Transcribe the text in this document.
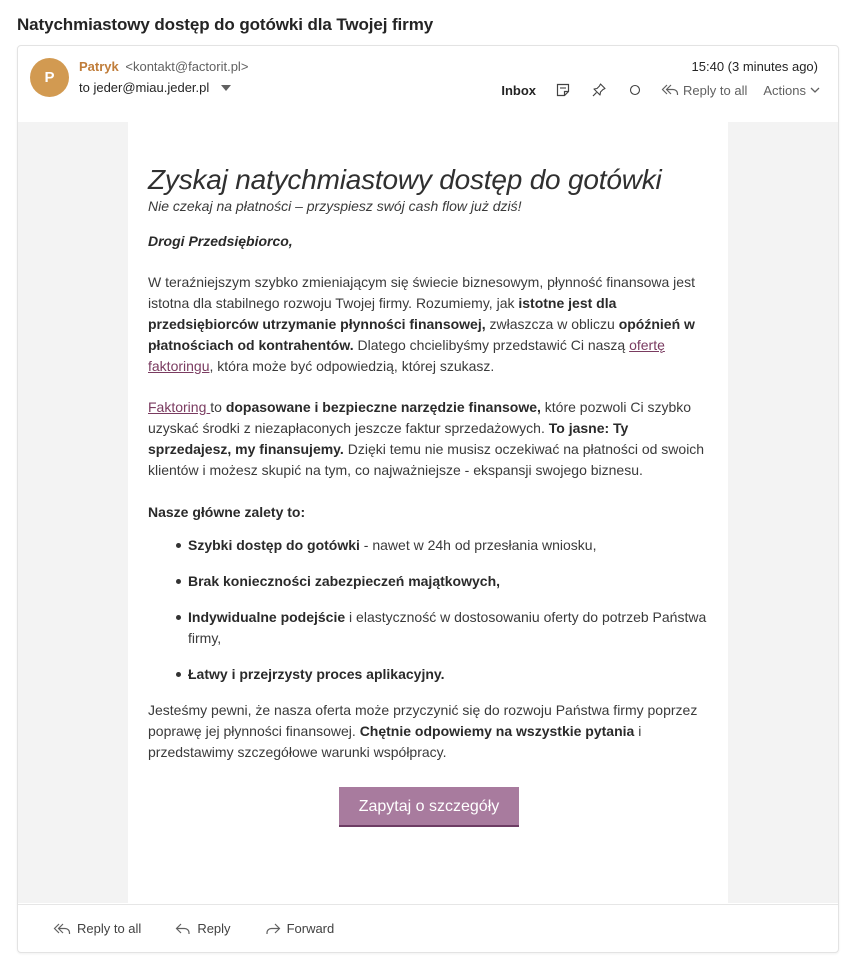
Natychmiastowy dostęp do gotówki dla Twojej firmy
P
Patryk <kontakt@factorit.pl>
to jeder@miau.jeder.pl
15:40 (3 minutes ago)
Inbox	Reply to all Actions
Zyskaj natychmiastowy dostęp do gotówki
Nie czekaj na płatności – przyspiesz swój cash flow już dziś!
Drogi Przedsiębiorco,
W teraźniejszym szybko zmieniającym się świecie biznesowym, płynność finansowa jest istotna dla stabilnego rozwoju Twojej firmy. Rozumiemy, jak istotne jest dla przedsiębiorców utrzymanie płynności finansowej, zwłaszcza w obliczu opóźnień w płatnościach od kontrahentów. Dlatego chcielibyśmy przedstawić Ci naszą ofertę faktoringu, która może być odpowiedzią, której szukasz.
Faktoring to dopasowane i bezpieczne narzędzie finansowe, które pozwoli Ci szybko uzyskać środki z niezapłaconych jeszcze faktur sprzedażowych. To jasne: Ty sprzedajesz, my finansujemy. Dzięki temu nie musisz oczekiwać na płatności od swoich klientów i możesz skupić na tym, co najważniejsze - ekspansji swojego biznesu.
Nasze główne zalety to:
Szybki dostęp do gotówki - nawet w 24h od przesłania wniosku,
Brak konieczności zabezpieczeń majątkowych,
Indywidualne podejście i elastyczność w dostosowaniu oferty do potrzeb Państwa firmy,
Łatwy i przejrzysty proces aplikacyjny.
Jesteśmy pewni, że nasza oferta może przyczynić się do rozwoju Państwa firmy poprzez poprawę jej płynności finansowej. Chętnie odpowiemy na wszystkie pytania i przedstawimy szczegółowe warunki współpracy.
Zapytaj o szczegóły
Reply to all	Reply	Forward
